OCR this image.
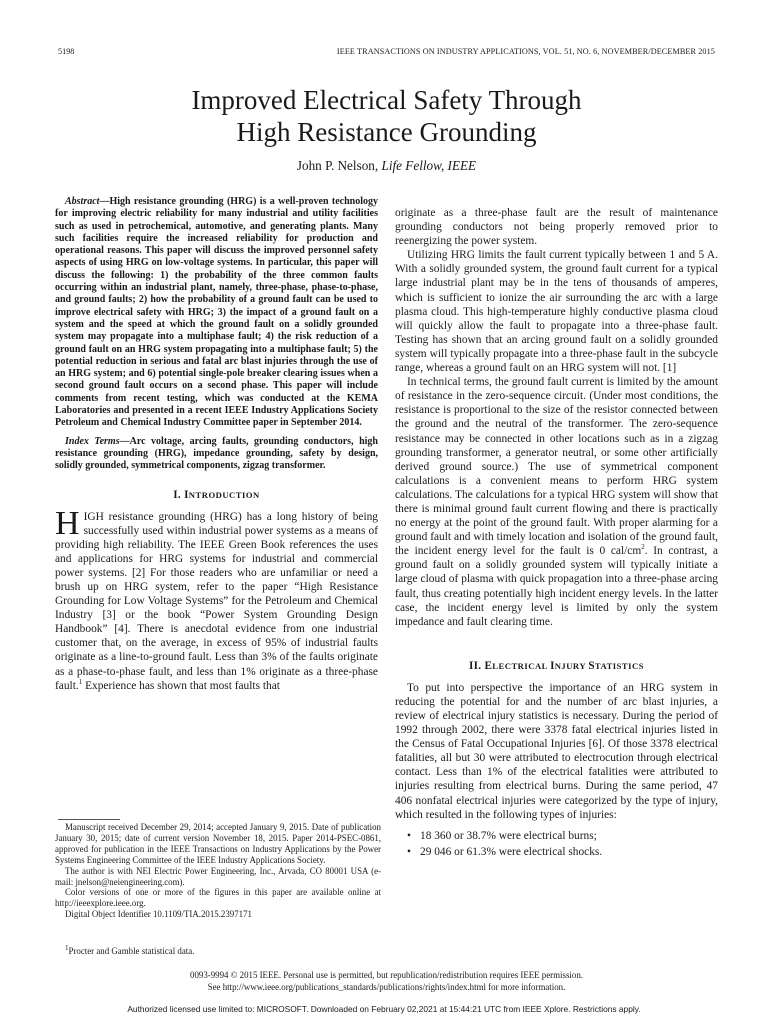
5198	IEEE TRANSACTIONS ON INDUSTRY APPLICATIONS, VOL. 51, NO. 6, NOVEMBER/DECEMBER 2015
Improved Electrical Safety Through
High Resistance Grounding
John P. Nelson, Life Fellow, IEEE

Abstract—High resistance grounding (HRG) is a well-proven technology for improving electric reliability for many industrial and utility facilities such as used in petrochemical, automotive, and generating plants. Many such facilities require the increased reliability for production and operational reasons. This paper will discuss the improved personnel safety aspects of using HRG on low-voltage systems. In particular, this paper will discuss the following: 1) the probability of the three common faults occurring within an industrial plant, namely, three-phase, phase-to-phase, and ground faults; 2) how the probability of a ground fault can be used to improve electrical safety with HRG; 3) the impact of a ground fault on a system and the speed at which the ground fault on a solidly grounded system may propagate into a multiphase fault; 4) the risk reduction of a ground fault on an HRG system propagating into a multiphase fault; 5) the potential reduction in serious and fatal arc blast injuries through the use of an HRG system; and 6) potential single-pole breaker clearing issues when a second ground fault occurs on a second phase. This paper will include comments from recent testing, which was conducted at the KEMA Laboratories and presented in a recent IEEE Industry Applications Society Petroleum and Chemical Industry Committee paper in September 2014.

Index Terms—Arc voltage, arcing faults, grounding conductors, high resistance grounding (HRG), impedance grounding, safety by design, solidly grounded, symmetrical components, zigzag transformer.

I. INTRODUCTION

HIGH resistance grounding (HRG) has a long history of being successfully used within industrial power systems as a means of providing high reliability. The IEEE Green Book references the uses and applications for HRG systems for industrial and commercial power systems. [2] For those readers who are unfamiliar or need a brush up on HRG system, refer to the paper “High Resistance Grounding for Low Voltage Systems” for the Petroleum and Chemical Industry [3] or the book “Power System Grounding Design Handbook” [4]. There is anecdotal evidence from one industrial customer that, on the average, in excess of 95% of industrial faults originate as a line-to-ground fault. Less than 3% of the faults originate as a phase-to-phase fault, and less than 1% originate as a three-phase fault.$^1$ Experience has shown that most faults that

Manuscript received December 29, 2014; accepted January 9, 2015. Date of publication January 30, 2015; date of current version November 18, 2015. Paper 2014-PSEC-0861, approved for publication in the IEEE Transactions on Industry Applications by the Power Systems Engineering Committee of the IEEE Industry Applications Society.

The author is with NEI Electric Power Engineering, Inc., Arvada, CO 80001 USA (e-mail: jnelson@neiengineering.com).

Color versions of one or more of the figures in this paper are available online at http://ieeexplore.ieee.org.

Digital Object Identifier 10.1109/TIA.2015.2397171

$^1$Procter and Gamble statistical data.

originate as a three-phase fault are the result of maintenance grounding conductors not being properly removed prior to reenergizing the power system.

Utilizing HRG limits the fault current typically between 1 and 5 A. With a solidly grounded system, the ground fault current for a typical large industrial plant may be in the tens of thousands of amperes, which is sufficient to ionize the air surrounding the arc with a large plasma cloud. This high-temperature highly conductive plasma cloud will quickly allow the fault to propagate into a three-phase fault. Testing has shown that an arcing ground fault on a solidly grounded system will typically propagate into a three-phase fault in the subcycle range, whereas a ground fault on an HRG system will not. [1]

In technical terms, the ground fault current is limited by the amount of resistance in the zero-sequence circuit. (Under most conditions, the resistance is proportional to the size of the resistor connected between the ground and the neutral of the transformer. The zero-sequence resistance may be connected in other locations such as in a zigzag grounding transformer, a generator neutral, or some other artificially derived ground source.) The use of symmetrical component calculations is a convenient means to perform HRG system calculations. The calculations for a typical HRG system will show that there is minimal ground fault current flowing and there is practically no energy at the point of the ground fault. With proper alarming for a ground fault and with timely location and isolation of the ground fault, the incident energy level for the fault is 0 cal/$cm^2$. In contrast, a ground fault on a solidly grounded system will typically initiate a large cloud of plasma with quick propagation into a three-phase arcing fault, thus creating potentially high incident energy levels. In the latter case, the incident energy level is limited by only the system impedance and fault clearing time.

II. ELECTRICAL INJURY STATISTICS

To put into perspective the importance of an HRG system in reducing the potential for and the number of arc blast injuries, a review of electrical injury statistics is necessary. During the period of 1992 through 2002, there were 3378 fatal electrical injuries listed in the Census of Fatal Occupational Injuries [6]. Of those 3378 electrical fatalities, all but 30 were attributed to electrocution through electrical contact. Less than 1% of the electrical fatalities were attributed to injuries resulting from electrical burns. During the same period, 47 406 nonfatal electrical injuries were categorized by the type of injury, which resulted in the following types of injuries:

• 18 360 or 38.7% were electrical burns;
• 29 046 or 61.3% were electrical shocks.
0093-9994 © 2015 IEEE. Personal use is permitted, but republication/redistribution requires IEEE permission.
See http://www.ieee.org/publications_standards/publications/rights/index.html for more information.
Authorized licensed use limited to: MICROSOFT. Downloaded on February 02,2021 at 15:44:21 UTC from IEEE Xplore. Restrictions apply.
